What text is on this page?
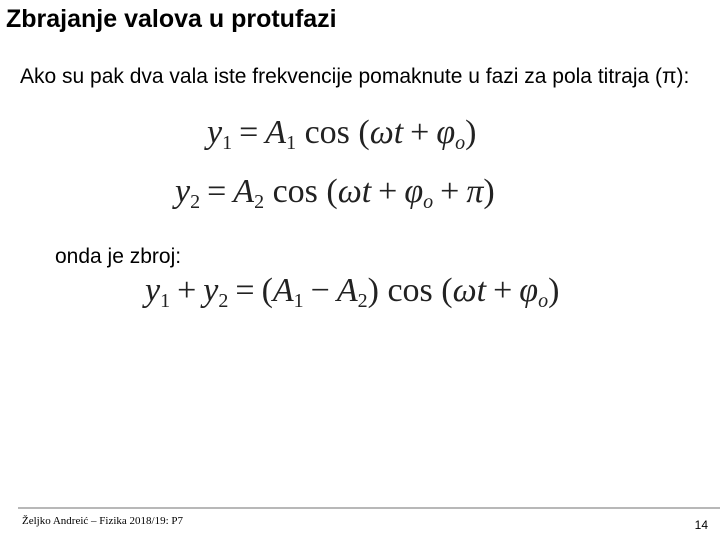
Zbrajanje valova u protufazi
Ako su pak dva vala iste frekvencije pomaknute u fazi za pola titraja (π):
$y_1 = A_1$ $\cos (\omega t + \varphi_o)$
$y_2 = A_2$ $\cos (\omega t + \varphi_o + \pi)$
onda je zbroj:
$y_1 + y_2 = (A_1 - A_2)$ $\cos (\omega t + \varphi_o)$
Željko Andreić – Fizika 2018/19: P7	14
